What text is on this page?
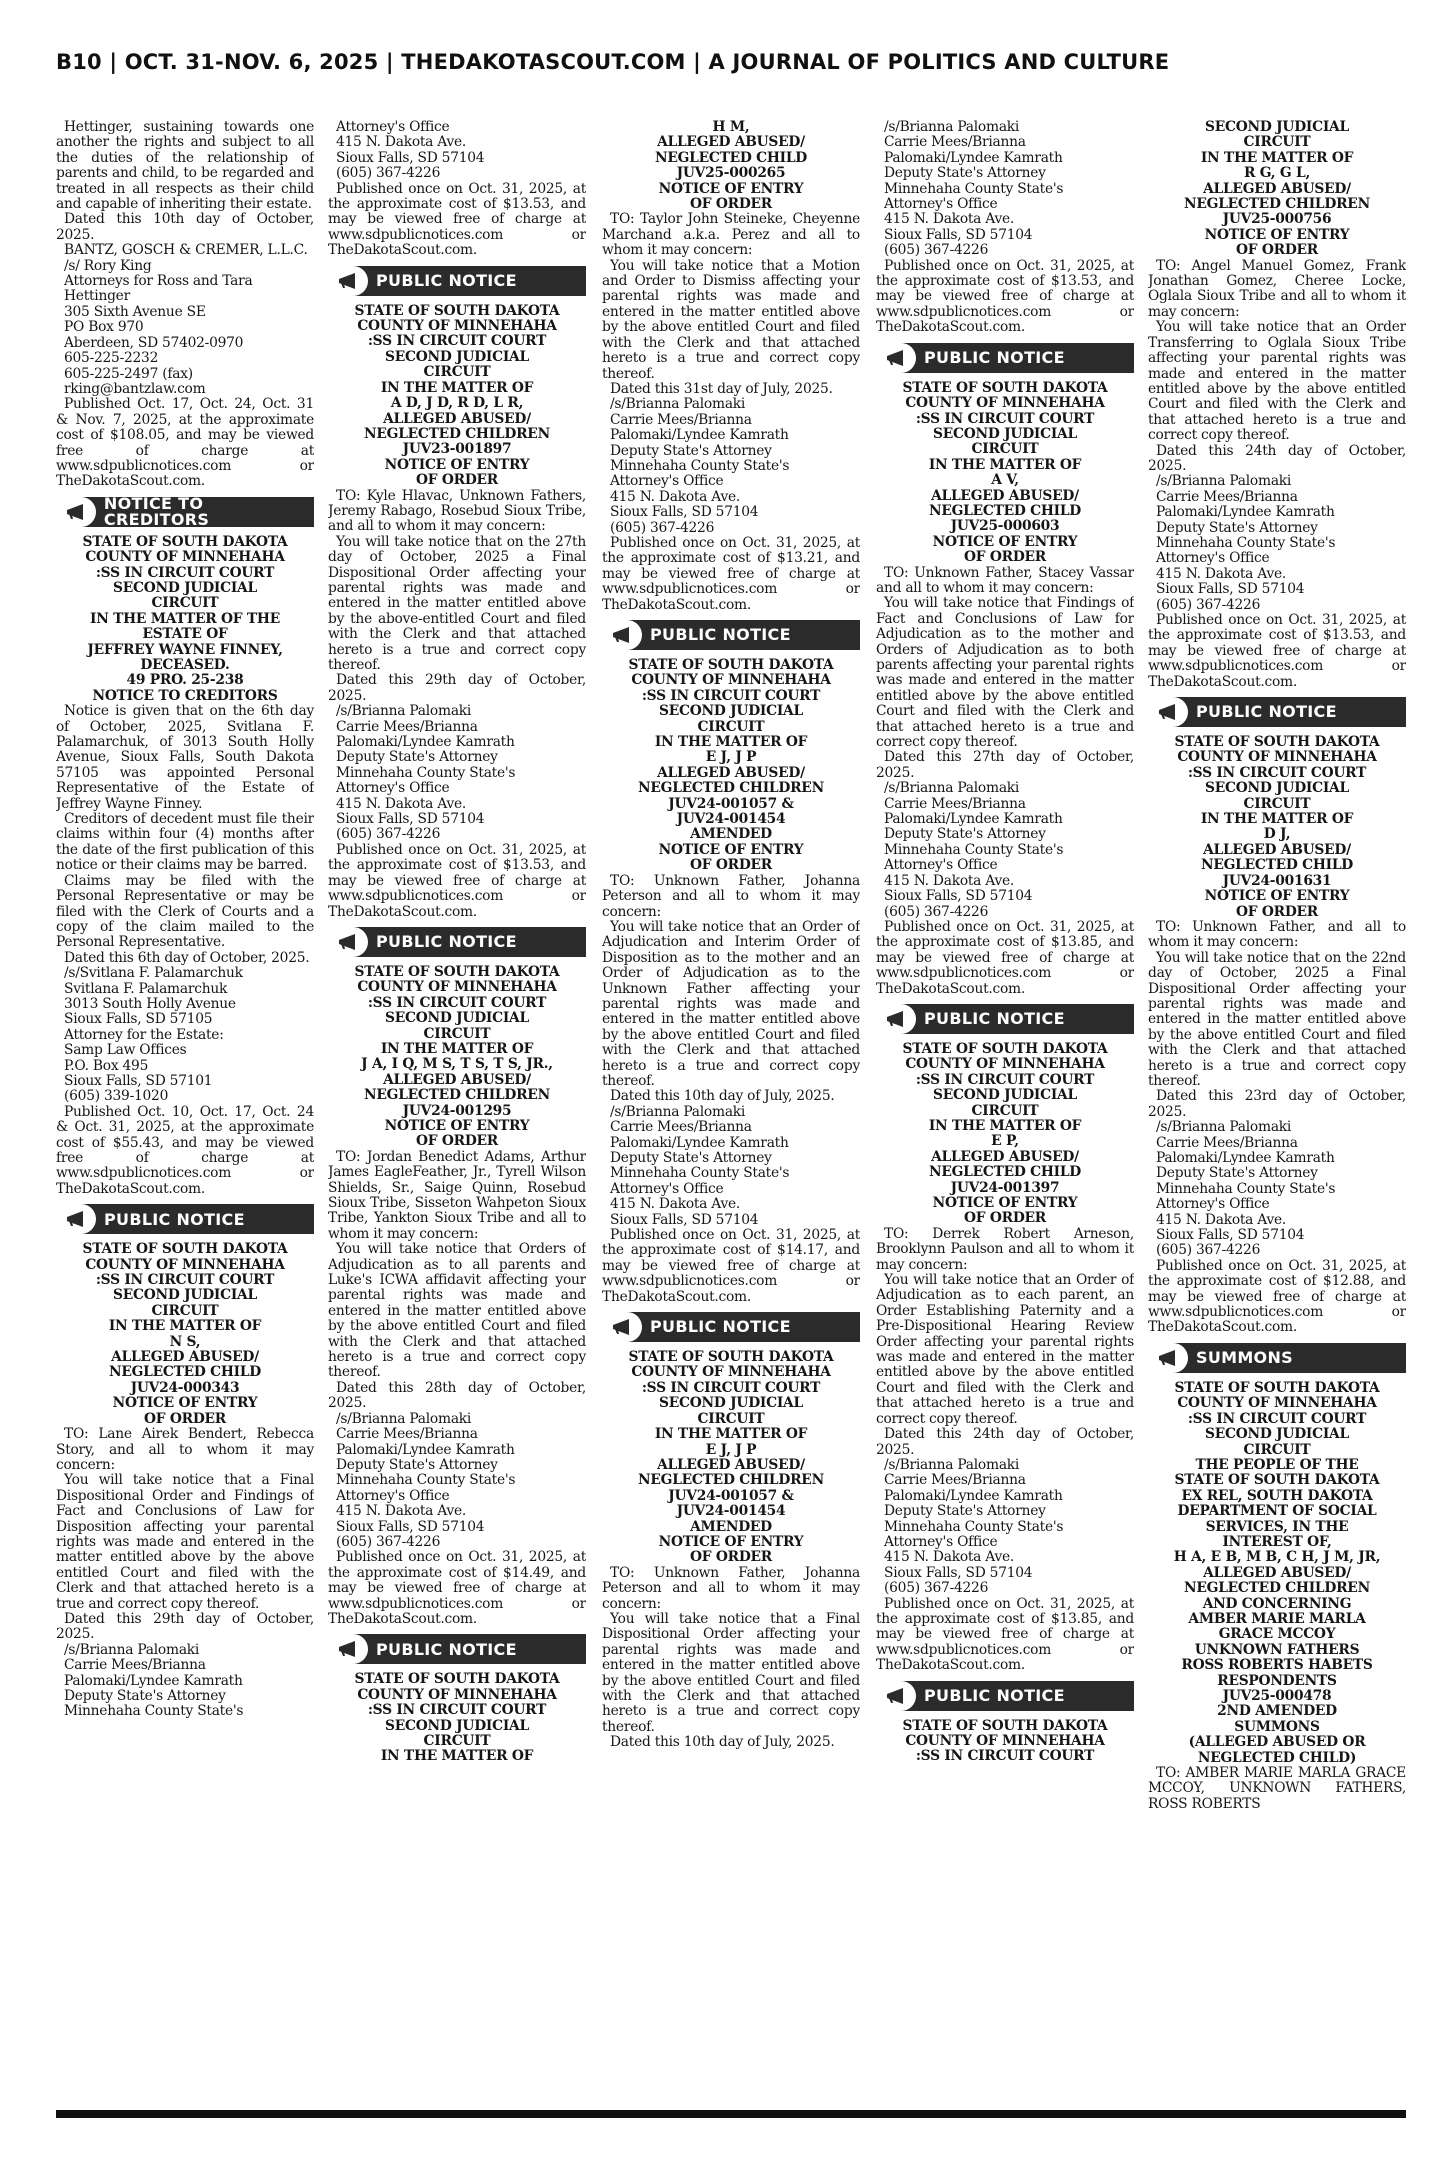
B10 | OCT. 31-NOV. 6, 2025 | THEDAKOTASCOUT.COM | A JOURNAL OF POLITICS AND CULTURE
Hettinger, sustaining towards one another the rights and subject to all the duties of the relationship of parents and child, to be regarded and treated in all respects as their child and capable of inheriting their estate.
Dated this 10th day of October, 2025.
BANTZ, GOSCH & CREMER, L.L.C.
/s/ Rory King
Attorneys for Ross and Tara Hettinger
305 Sixth Avenue SE
PO Box 970
Aberdeen, SD 57402-0970
605-225-2232
605-225-2497 (fax)
rking@bantzlaw.com
Published Oct. 17, Oct. 24, Oct. 31 & Nov. 7, 2025, at the approximate cost of $108.05, and may be viewed free of charge at www.sdpublicnotices.com or TheDakotaScout.com.
NOTICE TO CREDITORS
STATE OF SOUTH DAKOTA
COUNTY OF MINNEHAHA
:SS IN CIRCUIT COURT
SECOND JUDICIAL
CIRCUIT
IN THE MATTER OF THE
ESTATE OF
JEFFREY WAYNE FINNEY,
DECEASED.
49 PRO. 25-238
NOTICE TO CREDITORS
Notice is given that on the 6th day of October, 2025, Svitlana F. Palamarchuk, of 3013 South Holly Avenue, Sioux Falls, South Dakota 57105 was appointed Personal Representative of the Estate of Jeffrey Wayne Finney.
Creditors of decedent must file their claims within four (4) months after the date of the first publication of this notice or their claims may be barred.
Claims may be filed with the Personal Representative or may be filed with the Clerk of Courts and a copy of the claim mailed to the Personal Representative.
Dated this 6th day of October, 2025.
/s/Svitlana F. Palamarchuk
Svitlana F. Palamarchuk
3013 South Holly Avenue
Sioux Falls, SD 57105
Attorney for the Estate:
Samp Law Offices
P.O. Box 495
Sioux Falls, SD 57101
(605) 339-1020
Published Oct. 10, Oct. 17, Oct. 24 & Oct. 31, 2025, at the approximate cost of $55.43, and may be viewed free of charge at www.sdpublicnotices.com or TheDakotaScout.com.
PUBLIC NOTICE
STATE OF SOUTH DAKOTA
COUNTY OF MINNEHAHA
:SS IN CIRCUIT COURT
SECOND JUDICIAL
CIRCUIT
IN THE MATTER OF
N S,
ALLEGED ABUSED/
NEGLECTED CHILD
JUV24-000343
NOTICE OF ENTRY
OF ORDER
TO: Lane Airek Bendert, Rebecca Story, and all to whom it may concern:
You will take notice that a Final Dispositional Order and Findings of Fact and Conclusions of Law for Disposition affecting your parental rights was made and entered in the matter entitled above by the above entitled Court and filed with the Clerk and that attached hereto is a true and correct copy thereof.
Dated this 29th day of October, 2025.
/s/Brianna Palomaki
Carrie Mees/Brianna Palomaki/Lyndee Kamrath
Deputy State's Attorney
Minnehaha County State's
Attorney's Office
415 N. Dakota Ave.
Sioux Falls, SD 57104
(605) 367-4226
Published once on Oct. 31, 2025, at the approximate cost of $13.53, and may be viewed free of charge at www.sdpublicnotices.com or TheDakotaScout.com.
PUBLIC NOTICE
STATE OF SOUTH DAKOTA
COUNTY OF MINNEHAHA
:SS IN CIRCUIT COURT
SECOND JUDICIAL
CIRCUIT
IN THE MATTER OF
A D, J D, R D, L R,
ALLEGED ABUSED/
NEGLECTED CHILDREN
JUV23-001897
NOTICE OF ENTRY
OF ORDER
TO: Kyle Hlavac, Unknown Fathers, Jeremy Rabago, Rosebud Sioux Tribe, and all to whom it may concern:
You will take notice that on the 27th day of October, 2025 a Final Dispositional Order affecting your parental rights was made and entered in the matter entitled above by the above-entitled Court and filed with the Clerk and that attached hereto is a true and correct copy thereof.
Dated this 29th day of October, 2025.
/s/Brianna Palomaki
Carrie Mees/Brianna Palomaki/Lyndee Kamrath
Deputy State's Attorney
Minnehaha County State's Attorney's Office
415 N. Dakota Ave.
Sioux Falls, SD 57104
(605) 367-4226
Published once on Oct. 31, 2025, at the approximate cost of $13.53, and may be viewed free of charge at www.sdpublicnotices.com or TheDakotaScout.com.
PUBLIC NOTICE
STATE OF SOUTH DAKOTA
COUNTY OF MINNEHAHA
:SS IN CIRCUIT COURT
SECOND JUDICIAL
CIRCUIT
IN THE MATTER OF
J A, I Q, M S, T S, T S, JR.,
ALLEGED ABUSED/
NEGLECTED CHILDREN
JUV24-001295
NOTICE OF ENTRY
OF ORDER
TO: Jordan Benedict Adams, Arthur James EagleFeather, Jr., Tyrell Wilson Shields, Sr., Saige Quinn, Rosebud Sioux Tribe, Sisseton Wahpeton Sioux Tribe, Yankton Sioux Tribe and all to whom it may concern:
You will take notice that Orders of Adjudication as to all parents and Luke's ICWA affidavit affecting your parental rights was made and entered in the matter entitled above by the above entitled Court and filed with the Clerk and that attached hereto is a true and correct copy thereof.
Dated this 28th day of October, 2025.
/s/Brianna Palomaki
Carrie Mees/Brianna Palomaki/Lyndee Kamrath
Deputy State's Attorney
Minnehaha County State's Attorney's Office
415 N. Dakota Ave.
Sioux Falls, SD 57104
(605) 367-4226
Published once on Oct. 31, 2025, at the approximate cost of $14.49, and may be viewed free of charge at www.sdpublicnotices.com or TheDakotaScout.com.
PUBLIC NOTICE
STATE OF SOUTH DAKOTA
COUNTY OF MINNEHAHA
:SS IN CIRCUIT COURT
SECOND JUDICIAL
CIRCUIT
IN THE MATTER OF
H M,
ALLEGED ABUSED/
NEGLECTED CHILD
JUV25-000265
NOTICE OF ENTRY
OF ORDER
TO: Taylor John Steineke, Cheyenne Marchand a.k.a. Perez and all to whom it may concern:
You will take notice that a Motion and Order to Dismiss affecting your parental rights was made and entered in the matter entitled above by the above entitled Court and filed with the Clerk and that attached hereto is a true and correct copy thereof.
Dated this 31st day of July, 2025.
/s/Brianna Palomaki
Carrie Mees/Brianna Palomaki/Lyndee Kamrath
Deputy State's Attorney
Minnehaha County State's Attorney's Office
415 N. Dakota Ave.
Sioux Falls, SD 57104
(605) 367-4226
Published once on Oct. 31, 2025, at the approximate cost of $13.21, and may be viewed free of charge at www.sdpublicnotices.com or TheDakotaScout.com.
PUBLIC NOTICE
STATE OF SOUTH DAKOTA
COUNTY OF MINNEHAHA
:SS IN CIRCUIT COURT
SECOND JUDICIAL
CIRCUIT
IN THE MATTER OF
E J, J P
ALLEGED ABUSED/
NEGLECTED CHILDREN
JUV24-001057 &
JUV24-001454
AMENDED
NOTICE OF ENTRY
OF ORDER
TO: Unknown Father, Johanna Peterson and all to whom it may concern:
You will take notice that an Order of Adjudication and Interim Order of Disposition as to the mother and an Order of Adjudication as to the Unknown Father affecting your parental rights was made and entered in the matter entitled above by the above entitled Court and filed with the Clerk and that attached hereto is a true and correct copy thereof.
Dated this 10th day of July, 2025.
/s/Brianna Palomaki
Carrie Mees/Brianna Palomaki/Lyndee Kamrath
Deputy State's Attorney
Minnehaha County State's Attorney's Office
415 N. Dakota Ave.
Sioux Falls, SD 57104
Published once on Oct. 31, 2025, at the approximate cost of $14.17, and may be viewed free of charge at www.sdpublicnotices.com or TheDakotaScout.com.
PUBLIC NOTICE
STATE OF SOUTH DAKOTA
COUNTY OF MINNEHAHA
:SS IN CIRCUIT COURT
SECOND JUDICIAL
CIRCUIT
IN THE MATTER OF
E J, J P
ALLEGED ABUSED/
NEGLECTED CHILDREN
JUV24-001057 &
JUV24-001454
AMENDED
NOTICE OF ENTRY
OF ORDER
TO: Unknown Father, Johanna Peterson and all to whom it may concern:
You will take notice that a Final Dispositional Order affecting your parental rights was made and entered in the matter entitled above by the above entitled Court and filed with the Clerk and that attached hereto is a true and correct copy thereof.
Dated this 10th day of July, 2025.
/s/Brianna Palomaki
Carrie Mees/Brianna Palomaki/Lyndee Kamrath
Deputy State's Attorney
Minnehaha County State's Attorney's Office
415 N. Dakota Ave.
Sioux Falls, SD 57104
(605) 367-4226
Published once on Oct. 31, 2025, at the approximate cost of $13.53, and may be viewed free of charge at www.sdpublicnotices.com or TheDakotaScout.com.
PUBLIC NOTICE
STATE OF SOUTH DAKOTA
COUNTY OF MINNEHAHA
:SS IN CIRCUIT COURT
SECOND JUDICIAL
CIRCUIT
IN THE MATTER OF
A V,
ALLEGED ABUSED/
NEGLECTED CHILD
JUV25-000603
NOTICE OF ENTRY
OF ORDER
TO: Unknown Father, Stacey Vassar and all to whom it may concern:
You will take notice that Findings of Fact and Conclusions of Law for Adjudication as to the mother and Orders of Adjudication as to both parents affecting your parental rights was made and entered in the matter entitled above by the above entitled Court and filed with the Clerk and that attached hereto is a true and correct copy thereof.
Dated this 27th day of October, 2025.
/s/Brianna Palomaki
Carrie Mees/Brianna Palomaki/Lyndee Kamrath
Deputy State's Attorney
Minnehaha County State's Attorney's Office
415 N. Dakota Ave.
Sioux Falls, SD 57104
(605) 367-4226
Published once on Oct. 31, 2025, at the approximate cost of $13.85, and may be viewed free of charge at www.sdpublicnotices.com or TheDakotaScout.com.
PUBLIC NOTICE
STATE OF SOUTH DAKOTA
COUNTY OF MINNEHAHA
:SS IN CIRCUIT COURT
SECOND JUDICIAL
CIRCUIT
IN THE MATTER OF
E P,
ALLEGED ABUSED/
NEGLECTED CHILD
JUV24-001397
NOTICE OF ENTRY
OF ORDER
TO: Derrek Robert Arneson, Brooklynn Paulson and all to whom it may concern:
You will take notice that an Order of Adjudication as to each parent, an Order Establishing Paternity and a Pre-Dispositional Hearing Review Order affecting your parental rights was made and entered in the matter entitled above by the above entitled Court and filed with the Clerk and that attached hereto is a true and correct copy thereof.
Dated this 24th day of October, 2025.
/s/Brianna Palomaki
Carrie Mees/Brianna Palomaki/Lyndee Kamrath
Deputy State's Attorney
Minnehaha County State's Attorney's Office
415 N. Dakota Ave.
Sioux Falls, SD 57104
(605) 367-4226
Published once on Oct. 31, 2025, at the approximate cost of $13.85, and may be viewed free of charge at www.sdpublicnotices.com or TheDakotaScout.com.
PUBLIC NOTICE
STATE OF SOUTH DAKOTA
COUNTY OF MINNEHAHA
:SS IN CIRCUIT COURT
SECOND JUDICIAL
CIRCUIT
IN THE MATTER OF
R G, G L,
ALLEGED ABUSED/
NEGLECTED CHILDREN
JUV25-000756
NOTICE OF ENTRY
OF ORDER
TO: Angel Manuel Gomez, Frank Jonathan Gomez, Cheree Locke, Oglala Sioux Tribe and all to whom it may concern:
You will take notice that an Order Transferring to Oglala Sioux Tribe affecting your parental rights was made and entered in the matter entitled above by the above entitled Court and filed with the Clerk and that attached hereto is a true and correct copy thereof.
Dated this 24th day of October, 2025.
/s/Brianna Palomaki
Carrie Mees/Brianna Palomaki/Lyndee Kamrath
Deputy State's Attorney
Minnehaha County State's Attorney's Office
415 N. Dakota Ave.
Sioux Falls, SD 57104
(605) 367-4226
Published once on Oct. 31, 2025, at the approximate cost of $13.53, and may be viewed free of charge at www.sdpublicnotices.com or TheDakotaScout.com.
PUBLIC NOTICE
STATE OF SOUTH DAKOTA
COUNTY OF MINNEHAHA
:SS IN CIRCUIT COURT
SECOND JUDICIAL
CIRCUIT
IN THE MATTER OF
D J,
ALLEGED ABUSED/
NEGLECTED CHILD
JUV24-001631
NOTICE OF ENTRY
OF ORDER
TO: Unknown Father, and all to whom it may concern:
You will take notice that on the 22nd day of October, 2025 a Final Dispositional Order affecting your parental rights was made and entered in the matter entitled above by the above entitled Court and filed with the Clerk and that attached hereto is a true and correct copy thereof.
Dated this 23rd day of October, 2025.
/s/Brianna Palomaki
Carrie Mees/Brianna Palomaki/Lyndee Kamrath
Deputy State's Attorney
Minnehaha County State's Attorney's Office
415 N. Dakota Ave.
Sioux Falls, SD 57104
(605) 367-4226
Published once on Oct. 31, 2025, at the approximate cost of $12.88, and may be viewed free of charge at www.sdpublicnotices.com or TheDakotaScout.com.
SUMMONS
STATE OF SOUTH DAKOTA
COUNTY OF MINNEHAHA
:SS IN CIRCUIT COURT
SECOND JUDICIAL
CIRCUIT
THE PEOPLE OF THE
STATE OF SOUTH DAKOTA
EX REL, SOUTH DAKOTA
DEPARTMENT OF SOCIAL
SERVICES, IN THE
INTEREST OF,
H A, E B, M B, C H, J M, JR,
ALLEGED ABUSED/
NEGLECTED CHILDREN
AND CONCERNING
AMBER MARIE MARLA
GRACE MCCOY
UNKNOWN FATHERS
ROSS ROBERTS HABETS
RESPONDENTS
JUV25-000478
2ND AMENDED
SUMMONS
(ALLEGED ABUSED OR
NEGLECTED CHILD)
TO: AMBER MARIE MARLA GRACE MCCOY, UNKNOWN FATHERS, ROSS ROBERTS
